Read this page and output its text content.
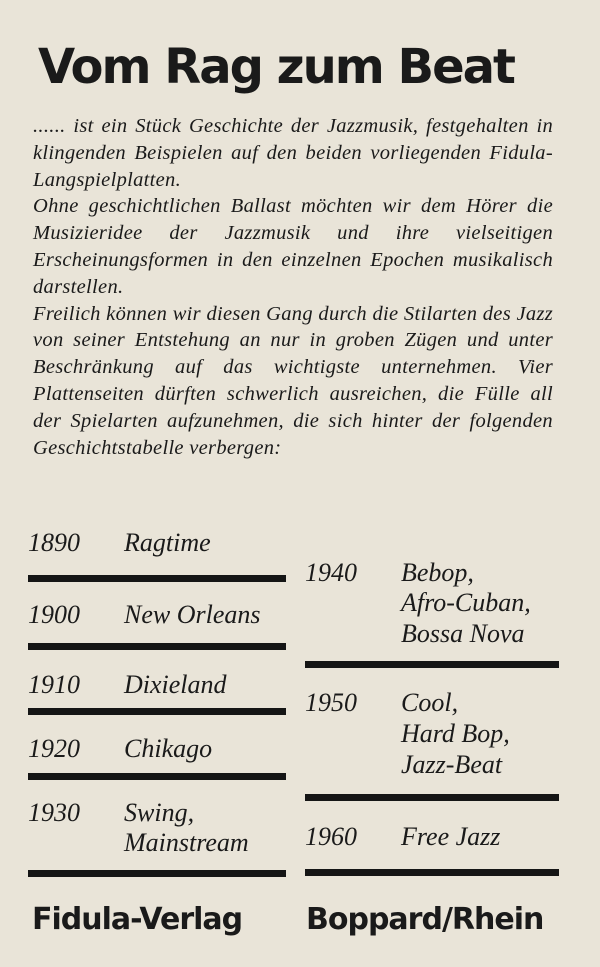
Vom Rag zum Beat

...... ist ein Stück Geschichte der Jazzmusik, festgehalten in klingenden Beispielen auf den beiden vorliegenden Fidula-Langspielplatten.

Ohne geschichtlichen Ballast möchten wir dem Hörer die Musizieridee der Jazzmusik und ihre vielseitigen Erscheinungsformen in den einzelnen Epochen musikalisch darstellen.

Freilich können wir diesen Gang durch die Stilarten des Jazz von seiner Entstehung an nur in groben Zügen und unter Beschränkung auf das wichtigste unternehmen. Vier Plattenseiten dürften schwerlich ausreichen, die Fülle all der Spielarten aufzunehmen, die sich hinter der folgenden Geschichtstabelle verbergen:

1890 Ragtime
1900 New Orleans
1910 Dixieland
1920 Chikago
1930 Swing,
Mainstream
1940 Bebop,
Afro-Cuban,
Bossa Nova
1950 Cool,
Hard Bop,
Jazz-Beat
1960 Free Jazz
Fidula-Verlag Boppard/Rhein
